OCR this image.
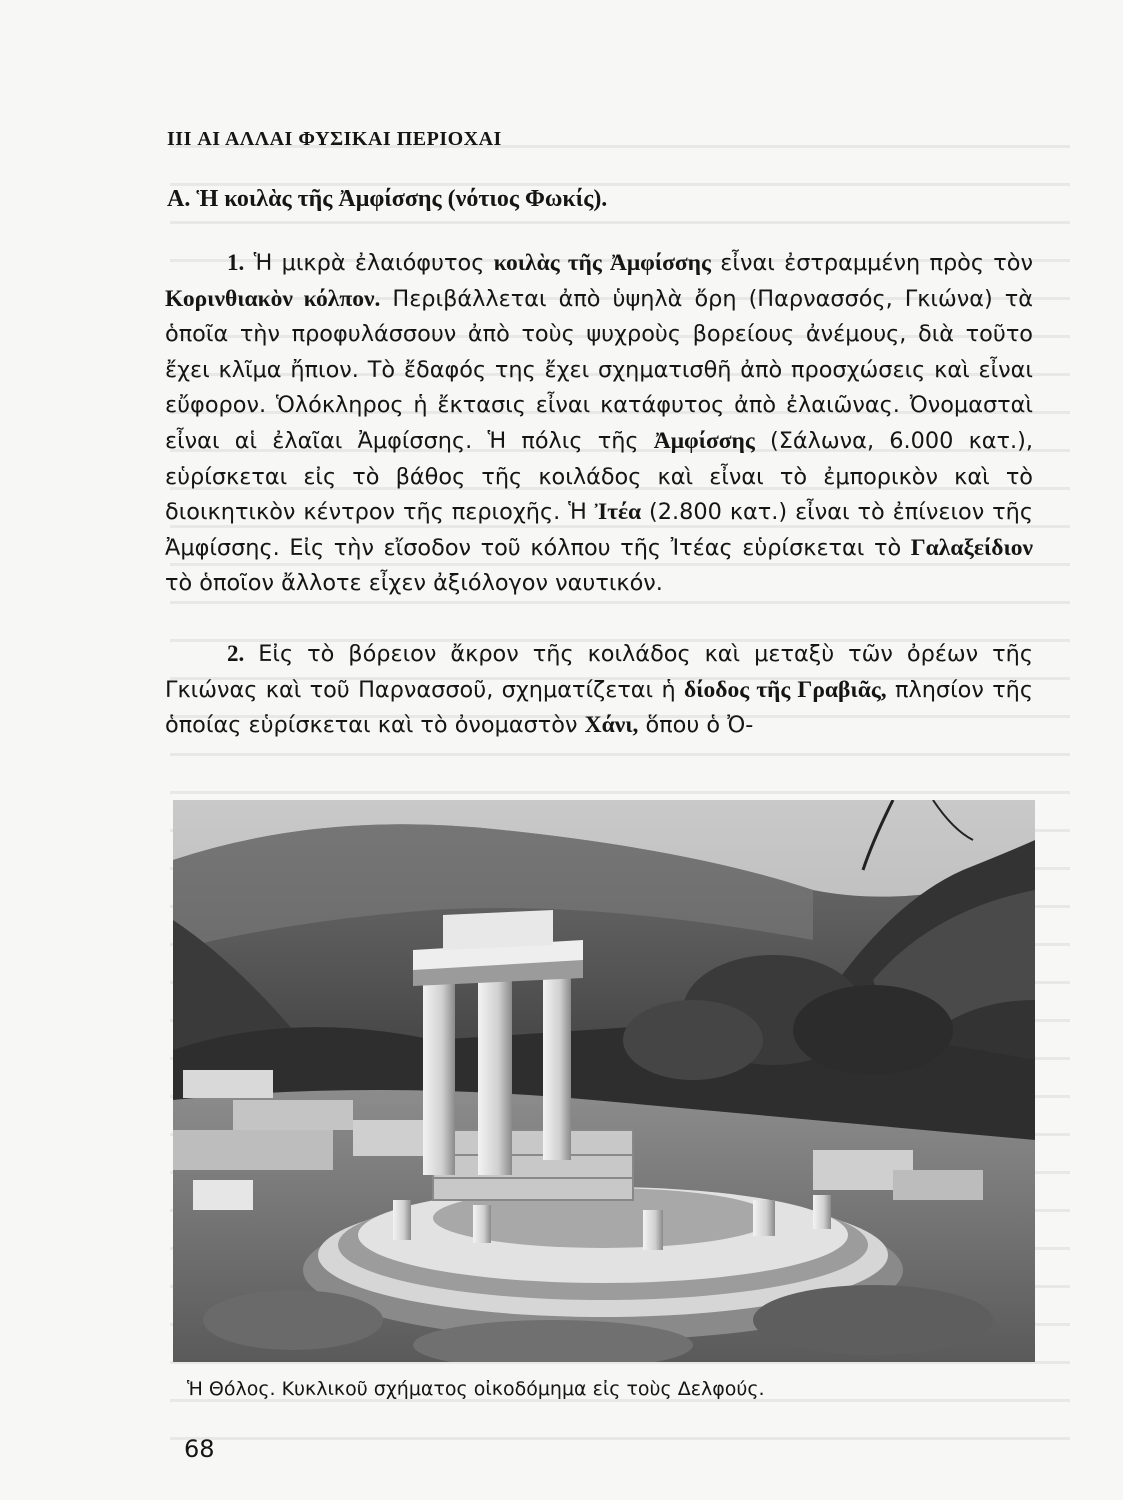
III ΑΙ ΑΛΛΑΙ ΦΥΣΙΚΑΙ ΠΕΡΙΟΧΑΙ
Α. Ἡ κοιλὰς τῆς Ἀμφίσσης (νότιος Φωκίς).

1. Ἡ μικρὰ ἐλαιόφυτος κοιλὰς τῆς Ἀμφίσσης εἶναι ἐστραμμένη πρὸς τὸν Κορινθιακὸν κόλπον. Περιβάλλεται ἀπὸ ὑψηλὰ ὄρη (Παρνασσός, Γκιώνα) τὰ ὁποῖα τὴν προφυλάσσουν ἀπὸ τοὺς ψυχροὺς βορείους ἀνέμους, διὰ τοῦτο ἔχει κλῖμα ἤπιον. Τὸ ἔδαφός της ἔχει σχηματισθῆ ἀπὸ προσχώσεις καὶ εἶναι εὔφορον. Ὁλόκληρος ἡ ἔκτασις εἶναι κατάφυτος ἀπὸ ἐλαιῶνας. Ὀνομασταὶ εἶναι αἱ ἐλαῖαι Ἀμφίσσης. Ἡ πόλις τῆς Ἀμφίσσης (Σάλωνα, 6.000 κατ.), εὑρίσκεται εἰς τὸ βάθος τῆς κοιλάδος καὶ εἶναι τὸ ἐμπορικὸν καὶ τὸ διοικητικὸν κέντρον τῆς περιοχῆς. Ἡ Ἰτέα (2.800 κατ.) εἶναι τὸ ἐπίνειον τῆς Ἀμφίσσης. Εἰς τὴν εἴσοδον τοῦ κόλπου τῆς Ἰτέας εὑρίσκεται τὸ Γαλαξείδιον τὸ ὁποῖον ἄλλοτε εἶχεν ἀξιόλογον ναυτικόν.

2. Εἰς τὸ βόρειον ἄκρον τῆς κοιλάδος καὶ μεταξὺ τῶν ὀρέων τῆς Γκιώνας καὶ τοῦ Παρνασσοῦ, σχηματίζεται ἡ δίοδος τῆς Γραβιᾶς, πλησίον τῆς ὁποίας εὑρίσκεται καὶ τὸ ὀνομαστὸν Χάνι, ὅπου ὁ Ὀ-

Ἡ Θόλος. Κυκλικοῦ σχήματος οἰκοδόμημα εἰς τοὺς Δελφούς.

68
